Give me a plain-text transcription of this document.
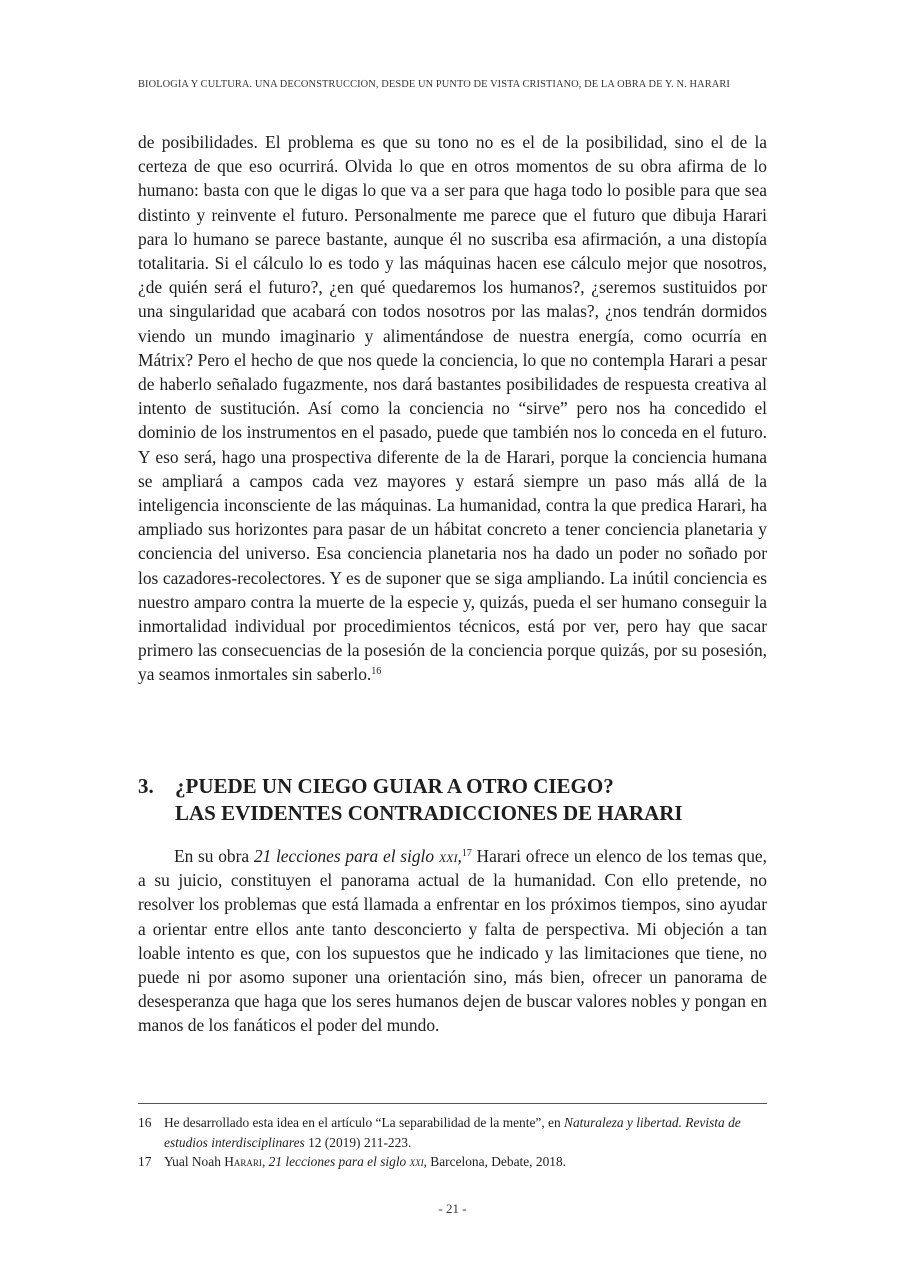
BIOLOGÍA Y CULTURA. UNA DECONSTRUCCIÓN, DESDE UN PUNTO DE VISTA CRISTIANO, DE LA OBRA DE Y. N. HARARI

de posibilidades. El problema es que su tono no es el de la posibilidad, sino el de la certeza de que eso ocurrirá. Olvida lo que en otros momentos de su obra afirma de lo humano: basta con que le digas lo que va a ser para que haga todo lo posible para que sea distinto y reinvente el futuro. Personalmente me parece que el futuro que dibuja Harari para lo humano se parece bastante, aunque él no suscriba esa afirmación, a una distopía totalitaria. Si el cálculo lo es todo y las máquinas hacen ese cálculo mejor que nosotros, ¿de quién será el futuro?, ¿en qué quedaremos los humanos?, ¿seremos sustituidos por una singularidad que acabará con todos nosotros por las malas?, ¿nos tendrán dormidos viendo un mundo imaginario y alimentándose de nuestra energía, como ocurría en Mátrix? Pero el hecho de que nos quede la conciencia, lo que no contempla Harari a pesar de haberlo señalado fugazmente, nos dará bastantes posibilidades de respuesta creativa al intento de sustitución. Así como la conciencia no “sirve” pero nos ha concedido el dominio de los instrumentos en el pasado, puede que también nos lo conceda en el futuro. Y eso será, hago una prospectiva diferente de la de Harari, porque la conciencia humana se ampliará a campos cada vez mayores y estará siempre un paso más allá de la inteligencia inconsciente de las máquinas. La humanidad, contra la que predica Harari, ha ampliado sus horizontes para pasar de un hábitat concreto a tener conciencia planetaria y conciencia del universo. Esa conciencia planetaria nos ha dado un poder no soñado por los cazadores-recolectores. Y es de suponer que se siga ampliando. La inútil conciencia es nuestro amparo contra la muerte de la especie y, quizás, pueda el ser humano conseguir la inmortalidad individual por procedimientos técnicos, está por ver, pero hay que sacar primero las consecuencias de la posesión de la conciencia porque quizás, por su posesión, ya seamos inmortales sin saberlo.$^{16}$

3. ¿PUEDE UN CIEGO GUIAR A OTRO CIEGO?
LAS EVIDENTES CONTRADICCIONES DE HARARI

En su obra 21 lecciones para el siglo xxi,$^{17}$ Harari ofrece un elenco de los temas que, a su juicio, constituyen el panorama actual de la humanidad. Con ello pretende, no resolver los problemas que está llamada a enfrentar en los próximos tiempos, sino ayudar a orientar entre ellos ante tanto desconcierto y falta de perspectiva. Mi objeción a tan loable intento es que, con los supuestos que he indicado y las limitaciones que tiene, no puede ni por asomo suponer una orientación sino, más bien, ofrecer un panorama de desesperanza que haga que los seres humanos dejen de buscar valores nobles y pongan en manos de los fanáticos el poder del mundo.

16 He desarrollado esta idea en el artículo “La separabilidad de la mente”, en Naturaleza y libertad. Revista de estudios interdisciplinares 12 (2019) 211-223.
17 Yual Noah Harari, 21 lecciones para el siglo xxi, Barcelona, Debate, 2018.
- 21 -
